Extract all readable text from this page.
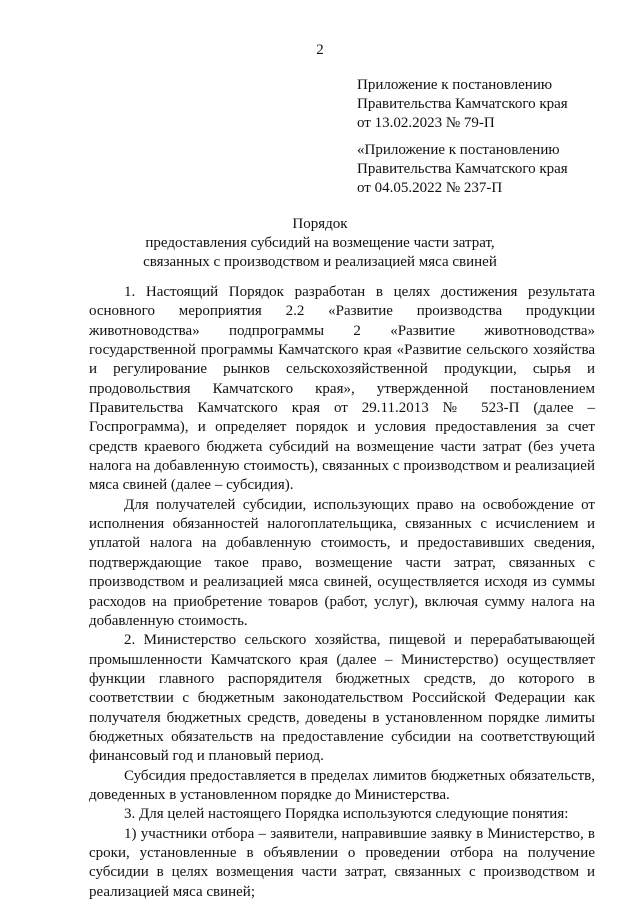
2
Приложение к постановлению
Правительства Камчатского края
от 13.02.2023 № 79-П
«Приложение к постановлению
Правительства Камчатского края
от 04.05.2022 № 237-П
Порядок
предоставления субсидий на возмещение части затрат,
связанных с производством и реализацией мяса свиней

1. Настоящий Порядок разработан в целях достижения результата основного мероприятия 2.2 «Развитие производства продукции животноводства» подпрограммы 2 «Развитие животноводства» государственной программы Камчатского края «Развитие сельского хозяйства и регулирование рынков сельскохозяйственной продукции, сырья и продовольствия Камчатского края», утвержденной постановлением Правительства Камчатского края от 29.11.2013 № 523-П (далее – Госпрограмма), и определяет порядок и условия предоставления за счет средств краевого бюджета субсидий на возмещение части затрат (без учета налога на добавленную стоимость), связанных с производством и реализацией мяса свиней (далее – субсидия).

Для получателей субсидии, использующих право на освобождение от исполнения обязанностей налогоплательщика, связанных с исчислением и уплатой налога на добавленную стоимость, и предоставивших сведения, подтверждающие такое право, возмещение части затрат, связанных с производством и реализацией мяса свиней, осуществляется исходя из суммы расходов на приобретение товаров (работ, услуг), включая сумму налога на добавленную стоимость.

2. Министерство сельского хозяйства, пищевой и перерабатывающей промышленности Камчатского края (далее – Министерство) осуществляет функции главного распорядителя бюджетных средств, до которого в соответствии с бюджетным законодательством Российской Федерации как получателя бюджетных средств, доведены в установленном порядке лимиты бюджетных обязательств на предоставление субсидии на соответствующий финансовый год и плановый период.

Субсидия предоставляется в пределах лимитов бюджетных обязательств, доведенных в установленном порядке до Министерства.

3. Для целей настоящего Порядка используются следующие понятия:

1) участники отбора – заявители, направившие заявку в Министерство, в сроки, установленные в объявлении о проведении отбора на получение субсидии в целях возмещения части затрат, связанных с производством и реализацией мяса свиней;
